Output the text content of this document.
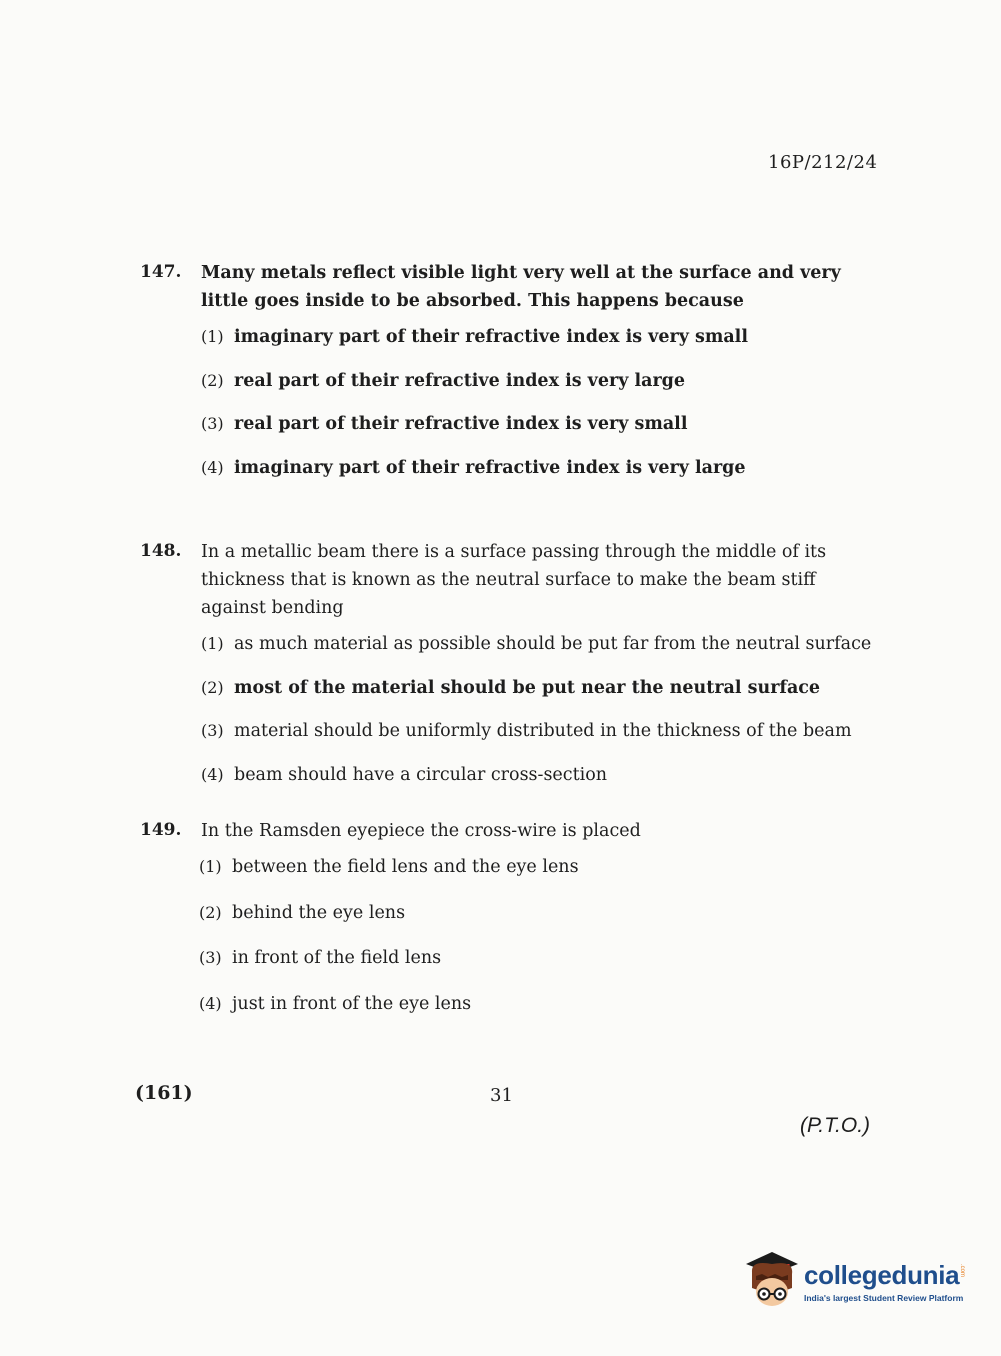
16P/212/24
147. Many metals reflect visible light very well at the surface and very little goes inside to be absorbed. This happens because
(1) imaginary part of their refractive index is very small
(2) real part of their refractive index is very large
(3) real part of their refractive index is very small
(4) imaginary part of their refractive index is very large
148. In a metallic beam there is a surface passing through the middle of its thickness that is known as the neutral surface to make the beam stiff against bending
(1) as much material as possible should be put far from the neutral surface
(2) most of the material should be put near the neutral surface
(3) material should be uniformly distributed in the thickness of the beam
(4) beam should have a circular cross-section
149. In the Ramsden eyepiece the cross-wire is placed
(1) between the field lens and the eye lens
(2) behind the eye lens
(3) in front of the field lens
(4) just in front of the eye lens
(161)	31
(P.T.O.)
collegedunia .com
India's largest Student Review Platform
